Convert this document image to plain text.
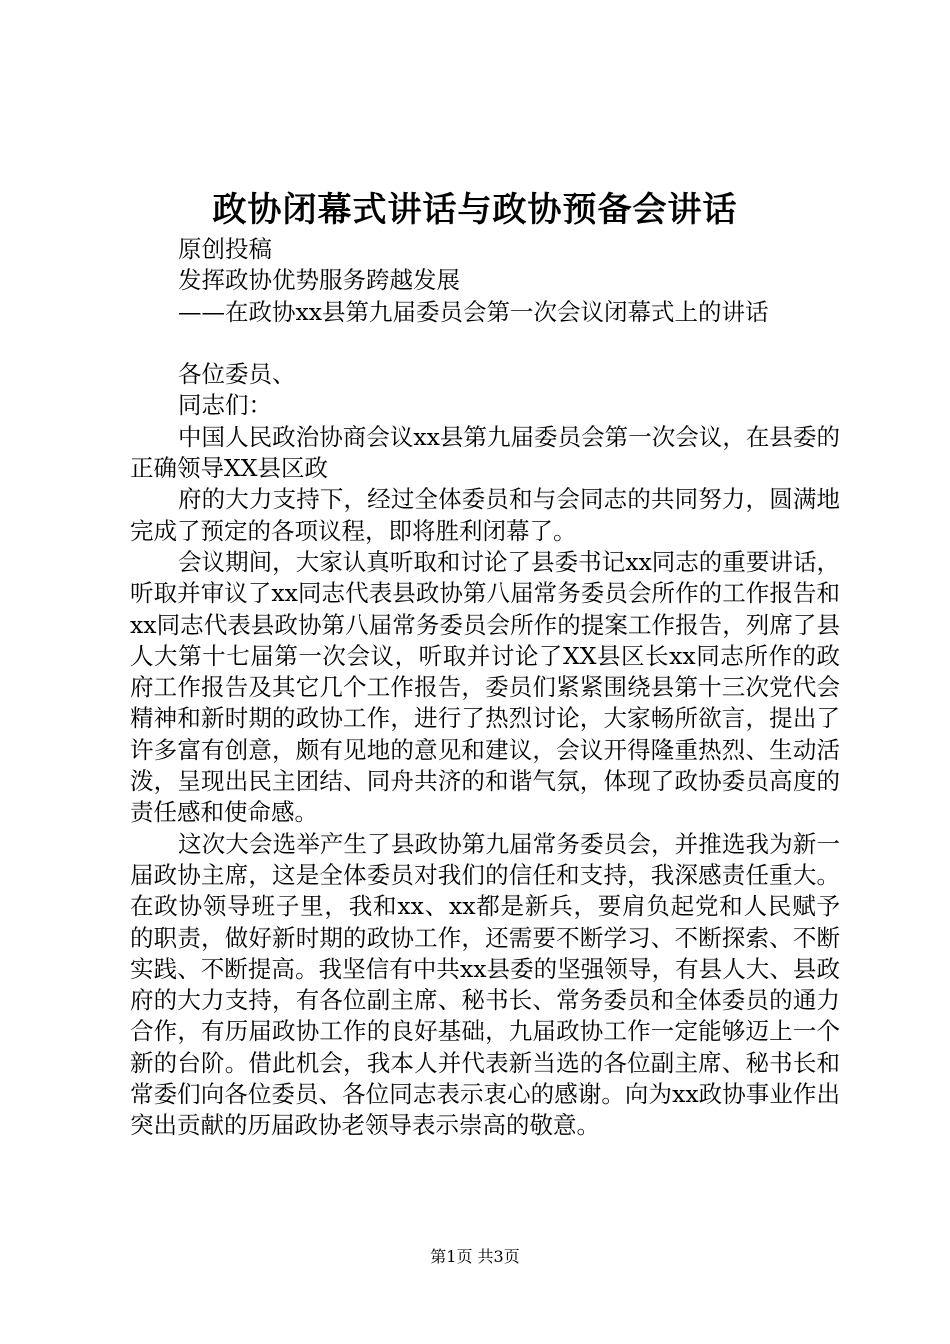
政协闭幕式讲话与政协预备会讲话

原创投稿

发挥政协优势服务跨越发展

——在政协xx县第九届委员会第一次会议闭幕式上的讲话

各位委员、

同志们：

中国人民政治协商会议xx县第九届委员会第一次会议，在县委的正确领导XX县区政

府的大力支持下，经过全体委员和与会同志的共同努力，圆满地完成了预定的各项议程，即将胜利闭幕了。

会议期间，大家认真听取和讨论了县委书记xx同志的重要讲话，听取并审议了xx同志代表县政协第八届常务委员会所作的工作报告和xx同志代表县政协第八届常务委员会所作的提案工作报告，列席了县人大第十七届第一次会议，听取并讨论了XX县区长xx同志所作的政府工作报告及其它几个工作报告，委员们紧紧围绕县第十三次党代会精神和新时期的政协工作，进行了热烈讨论，大家畅所欲言，提出了许多富有创意，颇有见地的意见和建议，会议开得隆重热烈、生动活泼，呈现出民主团结、同舟共济的和谐气氛，体现了政协委员高度的责任感和使命感。

这次大会选举产生了县政协第九届常务委员会，并推选我为新一届政协主席，这是全体委员对我们的信任和支持，我深感责任重大。在政协领导班子里，我和xx、xx都是新兵，要肩负起党和人民赋予的职责，做好新时期的政协工作，还需要不断学习、不断探索、不断实践、不断提高。我坚信有中共xx县委的坚强领导，有县人大、县政府的大力支持，有各位副主席、秘书长、常务委员和全体委员的通力合作，有历届政协工作的良好基础，九届政协工作一定能够迈上一个新的台阶。借此机会，我本人并代表新当选的各位副主席、秘书长和常委们向各位委员、各位同志表示衷心的感谢。向为xx政协事业作出突出贡献的历届政协老领导表示崇高的敬意。

第1页 共3页
